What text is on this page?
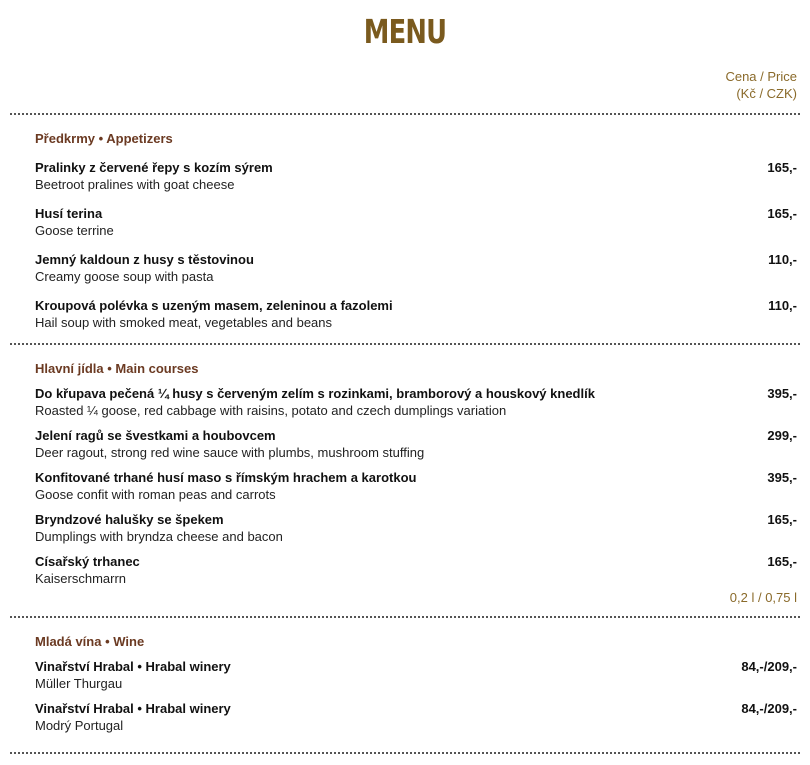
MENU
Cena / Price
(Kč / CZK)
Předkrmy • Appetizers
Pralinky z červené řepy s kozím sýrem
Beetroot pralines with goat cheese
165,-
Husí terina
Goose terrine
165,-
Jemný kaldoun z husy s těstovinou
Creamy goose soup with pasta
110,-
Kroupová polévka s uzeným masem, zeleninou a fazolemi
Hail soup with smoked meat, vegetables and beans
110,-
Hlavní jídla • Main courses
Do křupava pečená ¼ husy s červeným zelím s rozinkami, bramborový a houskový knedlík
Roasted ¼ goose, red cabbage with raisins, potato and czech dumplings variation
395,-
Jelení ragů se švestkami a houbovcem
Deer ragout, strong red wine sauce with plumbs, mushroom stuffing
299,-
Konfitované trhané husí maso s římským hrachem a karotkou
Goose confit with roman peas and carrots
395,-
Bryndzové halušky se špekem
Dumplings with bryndza cheese and bacon
165,-
Císařský trhanec
Kaiserschmarrn
165,-
0,2 l / 0,75 l
Mladá vína • Wine
Vinařství Hrabal • Hrabal winery
Müller Thurgau
84,-/209,-
Vinařství Hrabal • Hrabal winery
Modrý Portugal
84,-/209,-
